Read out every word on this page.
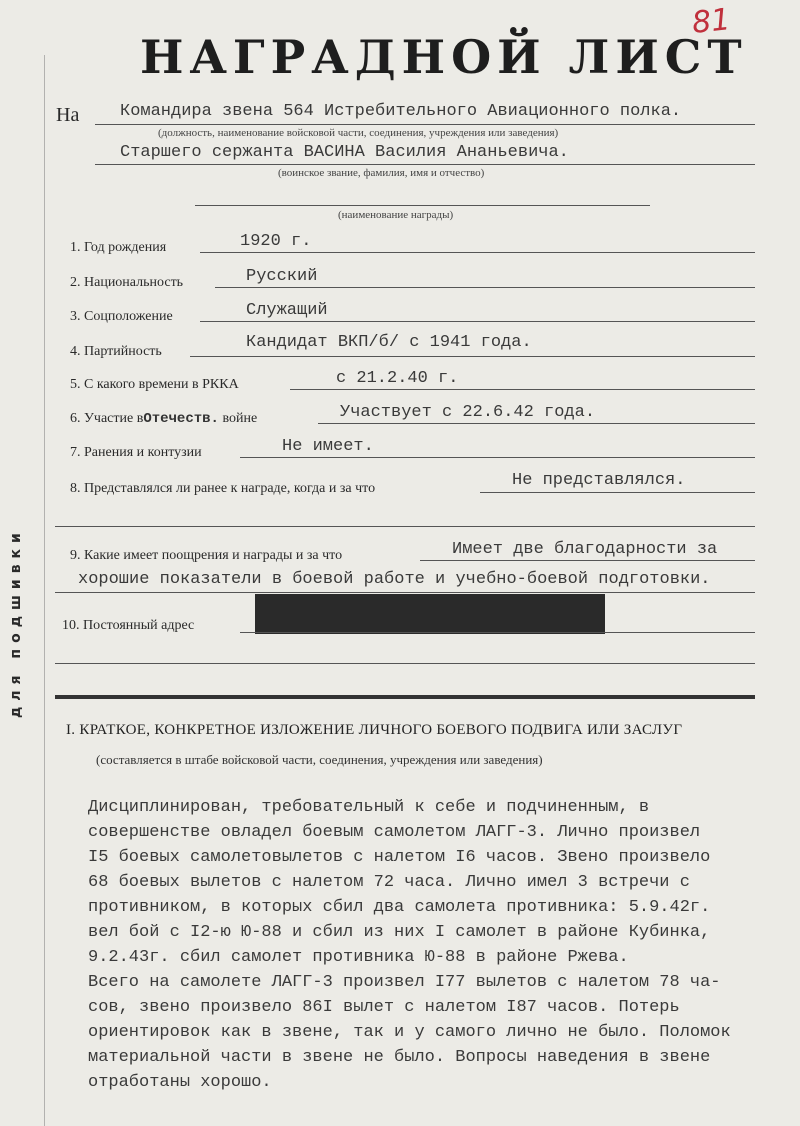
81
НАГРАДНОЙ ЛИСТ
для подшивки
На Командира звена 564 Истребительного Авиационного полка.
(должность, наименование войсковой части, соединения, учреждения или заведения)
Старшего сержанта ВАСИНА Василия Ананьевича.
(воинское звание, фамилия, имя и отчество)
(наименование награды)
1. Год рождения	1920 г.
2. Национальность	Русский
3. Соцположение	Служащий
4. Партийность	Кандидат ВКП/б/ с 1941 года.
5. С какого времени в РККА	с 21.2.40 г.
6. Участие вОтечеств. войне	Участвует с 22.6.42 года.
7. Ранения и контузии	Не имеет.
8. Представлялся ли ранее к награде, когда и за что	Не представлялся.
9. Какие имеет поощрения и награды и за что	Имеет две благодарности за
хорошие показатели в боевой работе и учебно-боевой подготовки.
10. Постоянный адрес
I. КРАТКОЕ, КОНКРЕТНОЕ ИЗЛОЖЕНИЕ ЛИЧНОГО БОЕВОГО ПОДВИГА ИЛИ ЗАСЛУГ
(составляется в штабе войсковой части, соединения, учреждения или заведения)
Дисциплинирован, требовательный к себе и подчиненным, в
совершенстве овладел боевым самолетом ЛАГГ-3. Лично произвел
I5 боевых самолетовылетов с налетом I6 часов. Звено произвело
68 боевых вылетов с налетом 72 часа. Лично имел 3 встречи с
противником, в которых сбил два самолета противника: 5.9.42г.
вел бой с I2-ю Ю-88 и сбил из них I самолет в районе Кубинка,
9.2.43г. сбил самолет противника Ю-88 в районе Ржева.
Всего на самолете ЛАГГ-3 произвел I77 вылетов с налетом 78 ча-
сов, звено произвело 86I вылет с налетом I87 часов. Потерь
ориентировок как в звене, так и у самого лично не было. Поломок
материальной части в звене не было. Вопросы наведения в звене
отработаны хорошо.
